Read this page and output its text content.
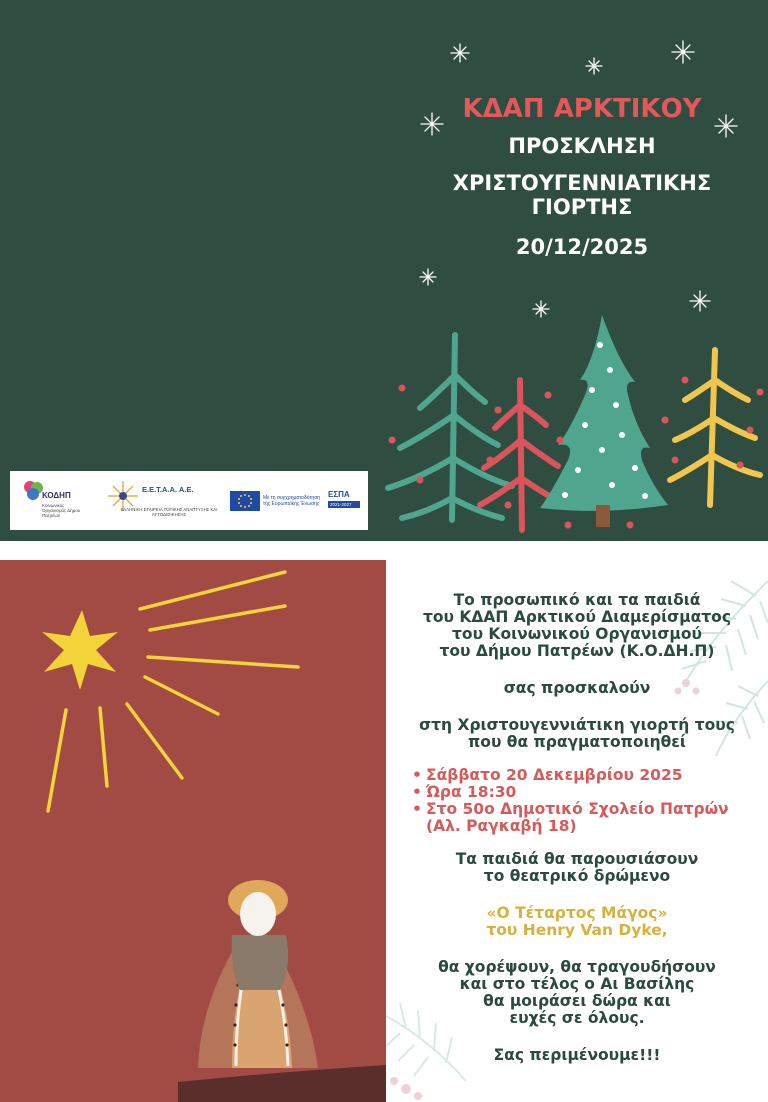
ΚΔΑΠ ΑΡΚΤΙΚΟΥ
ΠΡΟΣΚΛΗΣΗ
ΧΡΙΣΤΟΥΓΕΝΝΙΑΤΙΚΗΣ
ΓΙΟΡΤΗΣ
20/12/2025
ΚΟΔΗΠ
Κοινωνικός Οργανισμός Δήμου Πατρέων
Ε.Ε.Τ.Α.Α. Α.Ε.
ΕΛΛΗΝΙΚΗ ΕΤΑΙΡΕΙΑ ΤΟΠΙΚΗΣ ΑΝΑΠΤΥΞΗΣ ΚΑΙ ΑΥΤΟΔΙΟΙΚΗΣΗΣ
Με τη συγχρηματοδότηση της Ευρωπαϊκής Ένωσης
ΕΣΠΑ
2021-2027

Το προσωπικό και τα παιδιά

του ΚΔΑΠ Αρκτικού Διαμερίσματος

του Κοινωνικού Οργανισμού

του Δήμου Πατρέων (Κ.Ο.ΔΗ.Π)

σας προσκαλούν

στη Χριστουγεννιάτικη γιορτή τους

που θα πραγματοποιηθεί

• Σάββατο 20 Δεκεμβρίου 2025
• Ώρα 18:30
• Στο 50ο Δημοτικό Σχολείο Πατρών
(Αλ. Ραγκαβή 18)

Τα παιδιά θα παρουσιάσουν

το θεατρικό δρώμενο

«Ο Τέταρτος Μάγος»

του Henry Van Dyke,

θα χορέψουν, θα τραγουδήσουν

και στο τέλος ο Αι Βασίλης

θα μοιράσει δώρα και

ευχές σε όλους.

Σας περιμένουμε!!!
